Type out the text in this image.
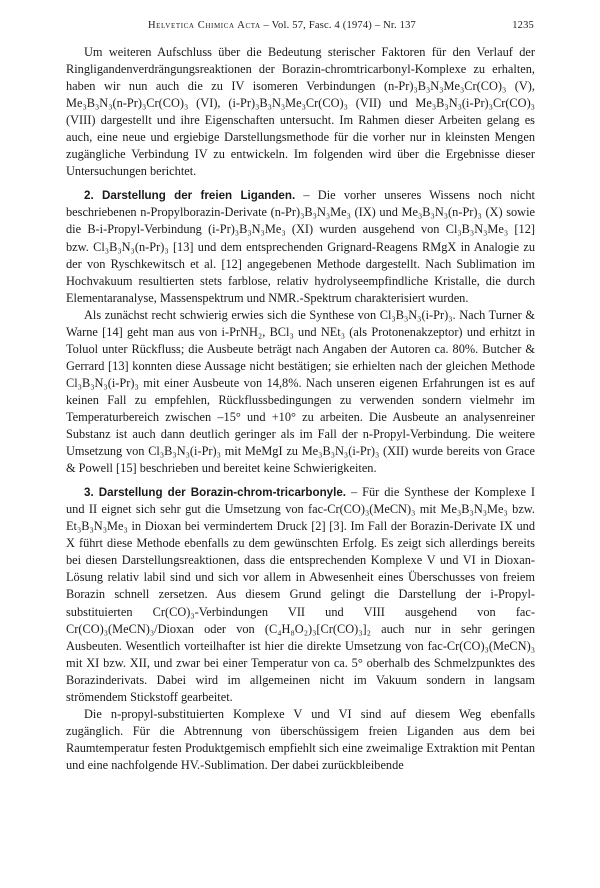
Helvetica Chimica Acta – Vol. 57, Fasc. 4 (1974) – Nr. 137	1235

Um weiteren Aufschluss über die Bedeutung sterischer Faktoren für den Verlauf der Ringligandenverdrängungsreaktionen der Borazin-chromtricarbonyl-Komplexe zu erhalten, haben wir nun auch die zu IV isomeren Verbindungen (n-Pr)₃B₃N₃Me₃Cr(CO)₃ (V), Me₃B₃N₃(n-Pr)₃Cr(CO)₃ (VI), (i-Pr)₃B₃N₃Me₃Cr(CO)₃ (VII) und Me₃B₃N₃(i-Pr)₃Cr(CO)₃ (VIII) dargestellt und ihre Eigenschaften untersucht. Im Rahmen dieser Arbeiten gelang es auch, eine neue und ergiebige Darstellungsmethode für die vorher nur in kleinsten Mengen zugängliche Verbindung IV zu entwickeln. Im folgenden wird über die Ergebnisse dieser Untersuchungen berichtet.

2. Darstellung der freien Liganden. – Die vorher unseres Wissens noch nicht beschriebenen n-Propylborazin-Derivate (n-Pr)₃B₃N₃Me₃ (IX) und Me₃B₃N₃(n-Pr)₃ (X) sowie die B-i-Propyl-Verbindung (i-Pr)₃B₃N₃Me₃ (XI) wurden ausgehend von Cl₃B₃N₃Me₃ [12] bzw. Cl₃B₃N₃(n-Pr)₃ [13] und dem entsprechenden Grignard-Reagens RMgX in Analogie zu der von Ryschkewitsch et al. [12] angegebenen Methode dargestellt. Nach Sublimation im Hochvakuum resultierten stets farblose, relativ hydrolyseempfindliche Kristalle, die durch Elementaranalyse, Massenspektrum und NMR.-Spektrum charakterisiert wurden.

Als zunächst recht schwierig erwies sich die Synthese von Cl₃B₃N₃(i-Pr)₃. Nach Turner & Warne [14] geht man aus von i-PrNH₂, BCl₃ und NEt₃ (als Protonenakzeptor) und erhitzt in Toluol unter Rückfluss; die Ausbeute beträgt nach Angaben der Autoren ca. 80%. Butcher & Gerrard [13] konnten diese Aussage nicht bestätigen; sie erhielten nach der gleichen Methode Cl₃B₃N₃(i-Pr)₃ mit einer Ausbeute von 14,8%. Nach unseren eigenen Erfahrungen ist es auf keinen Fall zu empfehlen, Rückflussbedingungen zu verwenden sondern vielmehr im Temperaturbereich zwischen –15° und +10° zu arbeiten. Die Ausbeute an analysenreiner Substanz ist auch dann deutlich geringer als im Fall der n-Propyl-Verbindung. Die weitere Umsetzung von Cl₃B₃N₃(i-Pr)₃ mit MeMgI zu Me₃B₃N₃(i-Pr)₃ (XII) wurde bereits von Grace & Powell [15] beschrieben und bereitet keine Schwierigkeiten.

3. Darstellung der Borazin-chrom-tricarbonyle. – Für die Synthese der Komplexe I und II eignet sich sehr gut die Umsetzung von fac-Cr(CO)₃(MeCN)₃ mit Me₃B₃N₃Me₃ bzw. Et₃B₃N₃Me₃ in Dioxan bei vermindertem Druck [2] [3]. Im Fall der Borazin-Derivate IX und X führt diese Methode ebenfalls zu dem gewünschten Erfolg. Es zeigt sich allerdings bereits bei diesen Darstellungsreaktionen, dass die entsprechenden Komplexe V und VI in Dioxan-Lösung relativ labil sind und sich vor allem in Abwesenheit eines Überschusses von freiem Borazin schnell zersetzen. Aus diesem Grund gelingt die Darstellung der i-Propyl-substituierten Cr(CO)₃-Verbindungen VII und VIII ausgehend von fac-Cr(CO)₃(MeCN)₃/Dioxan oder von (C₄H₈O₂)₃[Cr(CO)₃]₂ auch nur in sehr geringen Ausbeuten. Wesentlich vorteilhafter ist hier die direkte Umsetzung von fac-Cr(CO)₃(MeCN)₃ mit XI bzw. XII, und zwar bei einer Temperatur von ca. 5° oberhalb des Schmelzpunktes des Borazinderivats. Dabei wird im allgemeinen nicht im Vakuum sondern in langsam strömendem Stickstoff gearbeitet.

Die n-propyl-substituierten Komplexe V und VI sind auf diesem Weg ebenfalls zugänglich. Für die Abtrennung von überschüssigem freien Liganden aus dem bei Raumtemperatur festen Produktgemisch empfiehlt sich eine zweimalige Extraktion mit Pentan und eine nachfolgende HV.-Sublimation. Der dabei zurückbleibende
